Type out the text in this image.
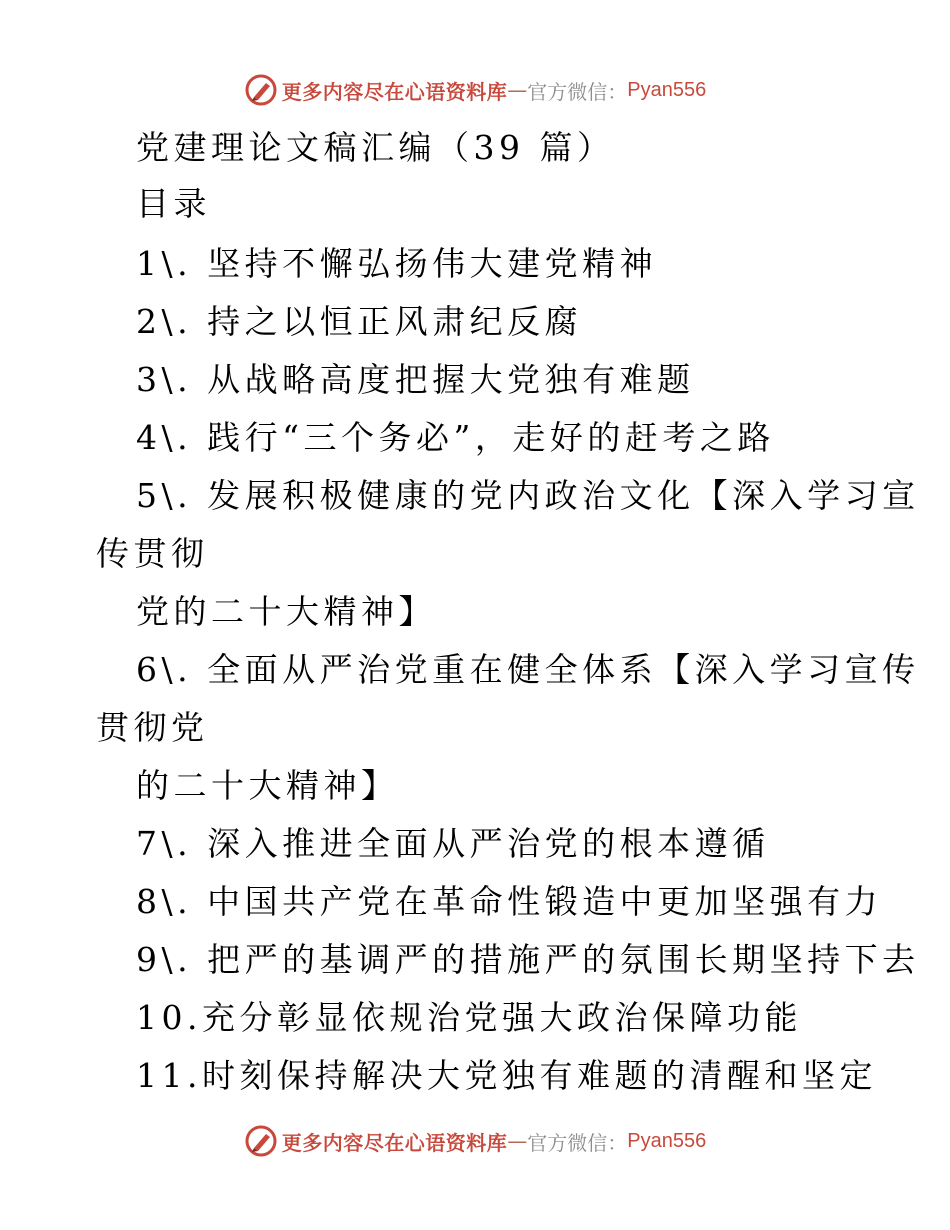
更多内容尽在心语资料库 — 官方微信： Pyan556
党建理论文稿汇编（39 篇）
目录
1\. 坚持不懈弘扬伟大建党精神
2\. 持之以恒正风肃纪反腐
3\. 从战略高度把握大党独有难题
4\. 践行“三个务必”，走好的赶考之路
5\. 发展积极健康的党内政治文化【深入学习宣
传贯彻
党的二十大精神】
6\. 全面从严治党重在健全体系【深入学习宣传
贯彻党
的二十大精神】
7\. 深入推进全面从严治党的根本遵循
8\. 中国共产党在革命性锻造中更加坚强有力
9\. 把严的基调严的措施严的氛围长期坚持下去
10.充分彰显依规治党强大政治保障功能
11.时刻保持解决大党独有难题的清醒和坚定
更多内容尽在心语资料库 — 官方微信： Pyan556
